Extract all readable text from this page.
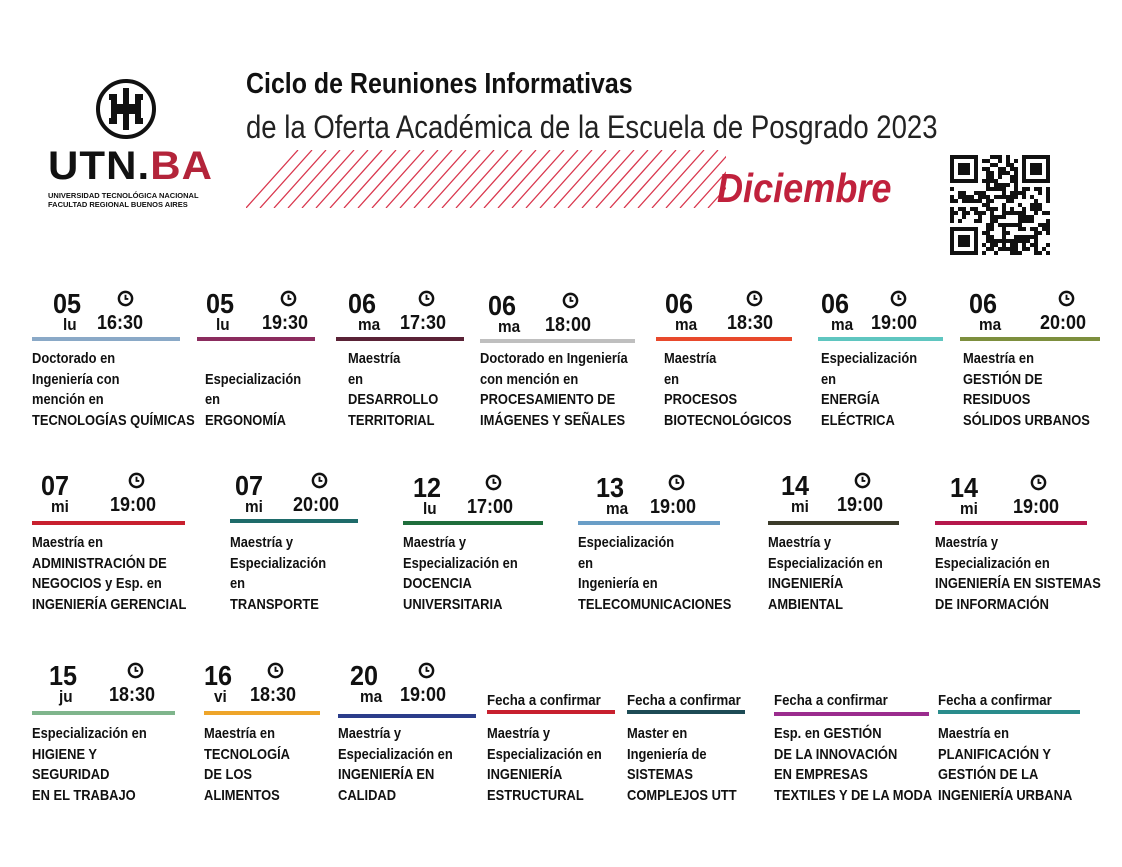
UTN.BA
UNIVERSIDAD TECNOLÓGICA NACIONAL
FACULTAD REGIONAL BUENOS AIRES
Ciclo de Reuniones Informativas
de la Oferta Académica de la Escuela de Posgrado 2023
Diciembre
05
lu 16:30
Doctorado en
Ingeniería con
mención en
TECNOLOGÍAS QUÍMICAS
05
lu 19:30
Especialización
en
ERGONOMÍA
06
ma 17:30
Maestría
en
DESARROLLO
TERRITORIAL
06
ma 18:00
Doctorado en Ingeniería
con mención en
PROCESAMIENTO DE
IMÁGENES Y SEÑALES
06
ma 18:30
Maestría
en
PROCESOS
BIOTECNOLÓGICOS
06
ma 19:00
Especialización
en
ENERGÍA
ELÉCTRICA
06
ma 20:00
Maestría en
GESTIÓN DE
RESIDUOS
SÓLIDOS URBANOS
07
mi 19:00
Maestría en
ADMINISTRACIÓN DE
NEGOCIOS y Esp. en
INGENIERÍA GERENCIAL
07
mi 20:00
Maestría y
Especialización
en
TRANSPORTE
12
lu 17:00
Maestría y
Especialización en
DOCENCIA
UNIVERSITARIA
13
ma 19:00
Especialización
en
Ingeniería en
TELECOMUNICACIONES
14
mi 19:00
Maestría y
Especialización en
INGENIERÍA
AMBIENTAL
14
mi 19:00
Maestría y
Especialización en
INGENIERÍA EN SISTEMAS
DE INFORMACIÓN
15
ju 18:30
Especialización en
HIGIENE Y
SEGURIDAD
EN EL TRABAJO
16
vi 18:30
Maestría en
TECNOLOGÍA
DE LOS
ALIMENTOS
20
ma 19:00
Maestría y
Especialización en
INGENIERÍA EN
CALIDAD
Fecha a confirmar
Maestría y
Especialización en
INGENIERÍA
ESTRUCTURAL
Fecha a confirmar
Master en
Ingeniería de
SISTEMAS
COMPLEJOS UTT
Fecha a confirmar
Esp. en GESTIÓN
DE LA INNOVACIÓN
EN EMPRESAS
TEXTILES Y DE LA MODA
Fecha a confirmar
Maestría en
PLANIFICACIÓN Y
GESTIÓN DE LA
INGENIERÍA URBANA
